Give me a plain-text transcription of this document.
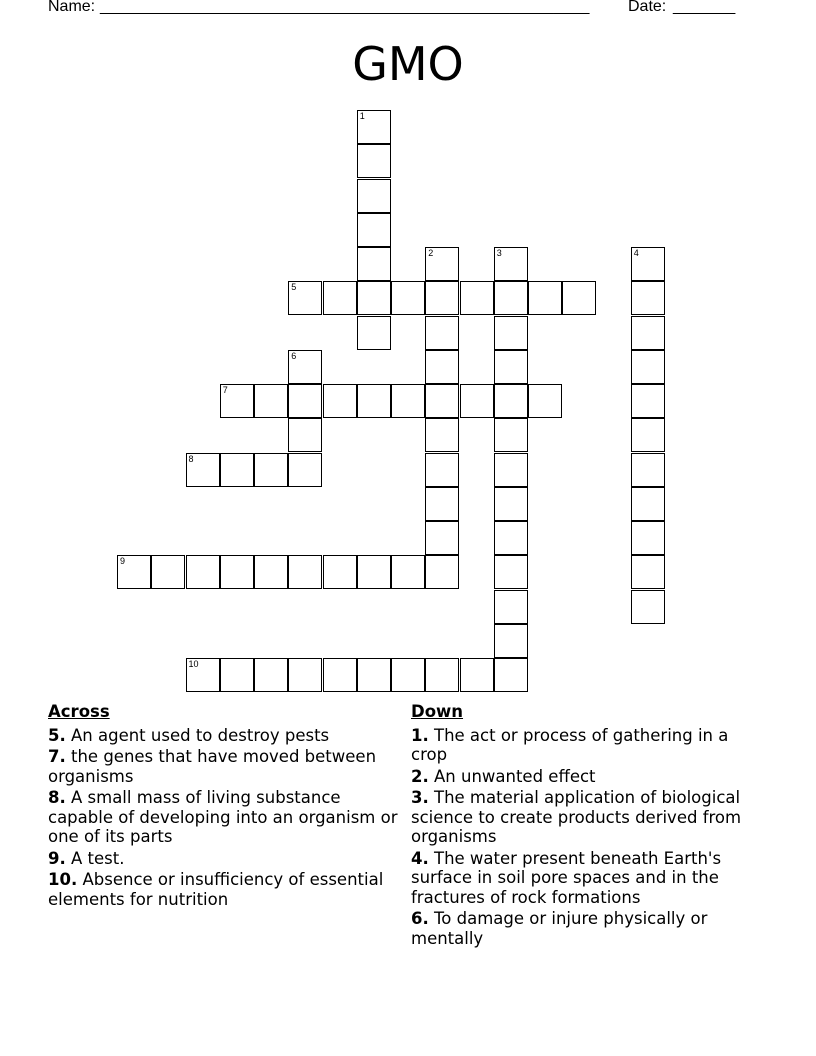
Name: _______________________________________________________ Date: _______
GMO
1
2	3	4
5
6
7
8
9
10
Across
5. An agent used to destroy pests
7. the genes that have moved between organisms
8. A small mass of living substance capable of developing into an organism or one of its parts
9. A test.
10. Absence or insufficiency of essential elements for nutrition
Down
1. The act or process of gathering in a crop
2. An unwanted effect
3. The material application of biological science to create products derived from organisms
4. The water present beneath Earth's surface in soil pore spaces and in the fractures of rock formations
6. To damage or injure physically or mentally
